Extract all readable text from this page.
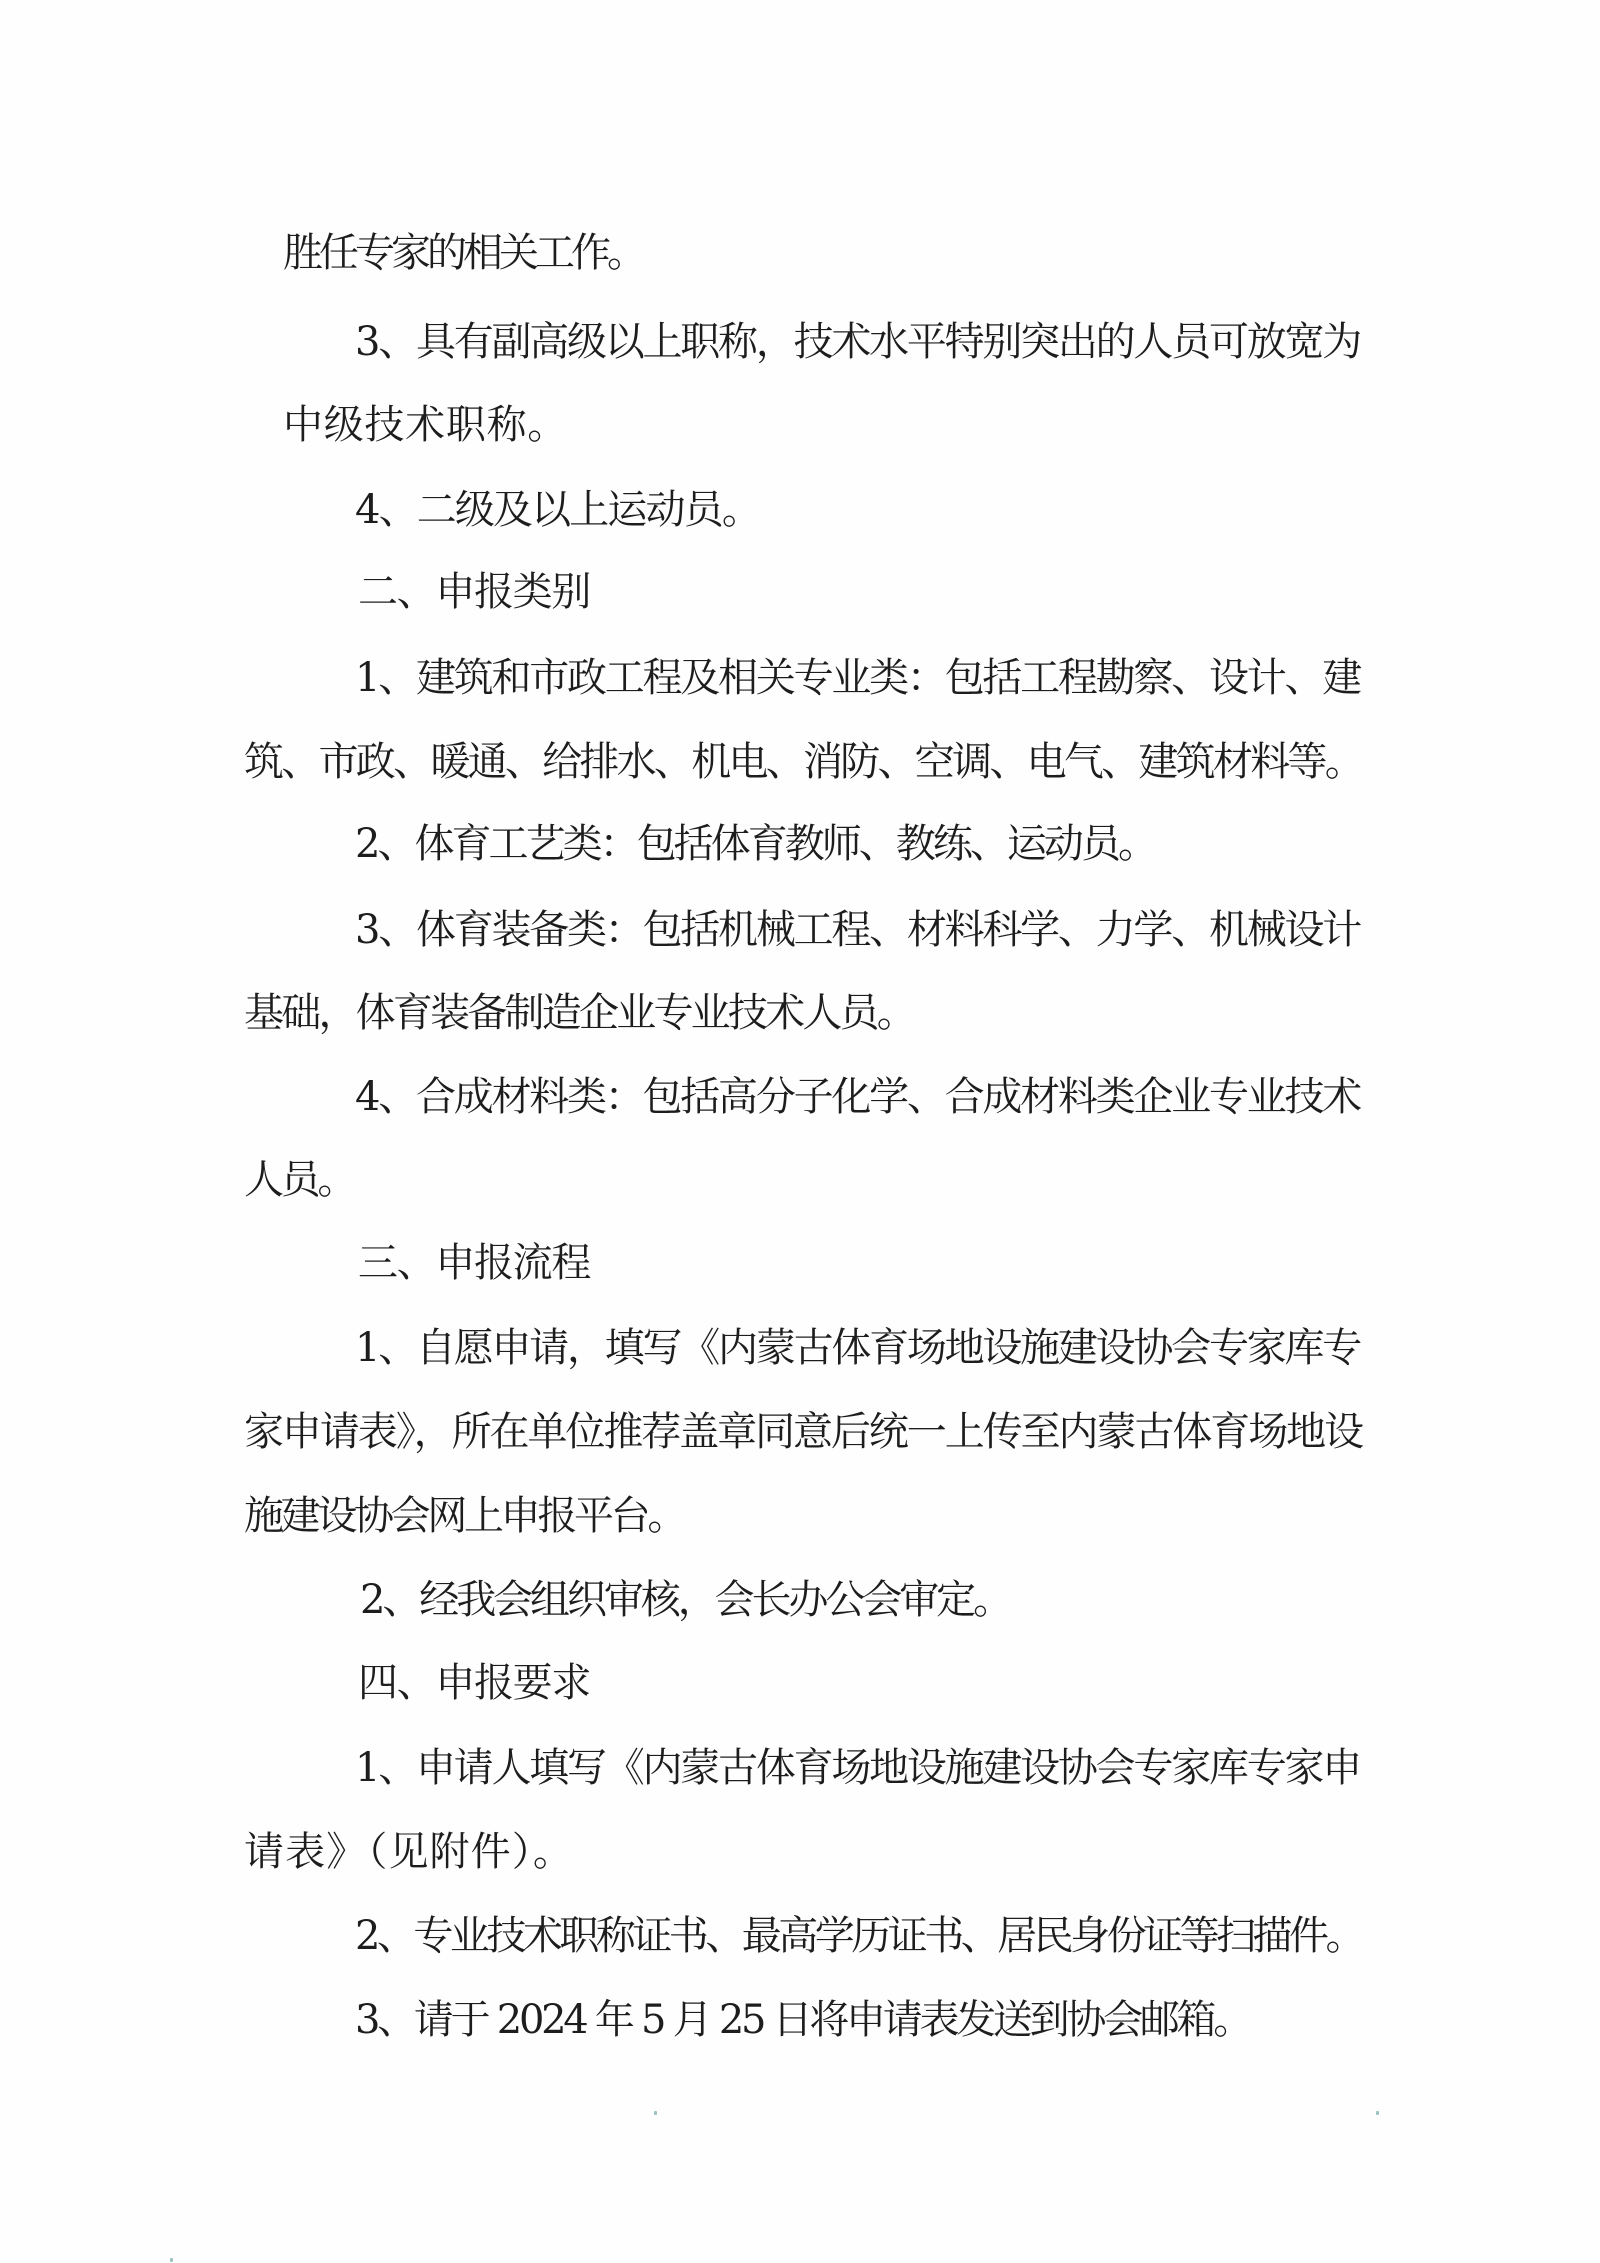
胜任专家的相关工作。
3、具有副高级以上职称，技术水平特别突出的人员可放宽为
中级技术职称。
4、二级及以上运动员。
二、申报类别
1、建筑和市政工程及相关专业类：包括工程勘察、设计、建
筑、市政、暖通、给排水、机电、消防、空调、电气、建筑材料等。
2、体育工艺类：包括体育教师、教练、运动员。
3、体育装备类：包括机械工程、材料科学、力学、机械设计
基础，体育装备制造企业专业技术人员。
4、合成材料类：包括高分子化学、合成材料类企业专业技术
人员。
三、申报流程
1、自愿申请，填写《内蒙古体育场地设施建设协会专家库专
家申请表》，所在单位推荐盖章同意后统一上传至内蒙古体育场地设
施建设协会网上申报平台。
2、经我会组织审核，会长办公会审定。
四、申报要求
1、申请人填写《内蒙古体育场地设施建设协会专家库专家申
请表》（见附件）。
2、专业技术职称证书、最高学历证书、居民身份证等扫描件。
3、请于 2024 年 5 月 25 日将申请表发送到协会邮箱。
